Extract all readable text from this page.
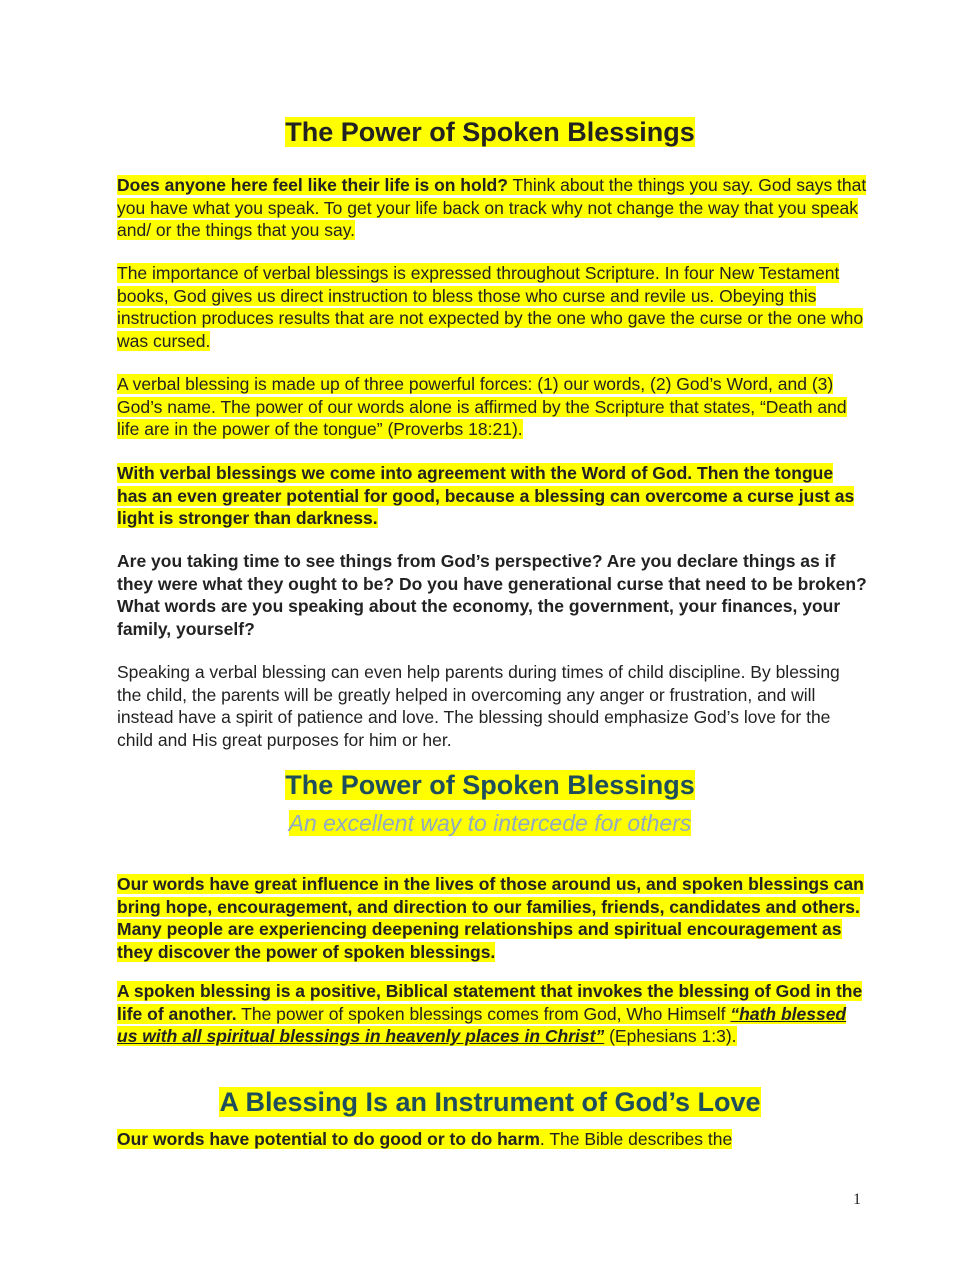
The Power of Spoken Blessings

Does anyone here feel like their life is on hold? Think about the things you say. God says that you have what you speak. To get your life back on track why not change the way that you speak and/ or the things that you say.

The importance of verbal blessings is expressed throughout Scripture. In four New Testament books, God gives us direct instruction to bless those who curse and revile us. Obeying this instruction produces results that are not expected by the one who gave the curse or the one who was cursed.

A verbal blessing is made up of three powerful forces: (1) our words, (2) God’s Word, and (3) God’s name. The power of our words alone is affirmed by the Scripture that states, “Death and life are in the power of the tongue” (Proverbs 18:21).

With verbal blessings we come into agreement with the Word of God. Then the tongue has an even greater potential for good, because a blessing can overcome a curse just as light is stronger than darkness.

Are you taking time to see things from God’s perspective? Are you declare things as if they were what they ought to be? Do you have generational curse that need to be broken? What words are you speaking about the economy, the government, your finances, your family, yourself?

Speaking a verbal blessing can even help parents during times of child discipline. By blessing the child, the parents will be greatly helped in overcoming any anger or frustration, and will instead have a spirit of patience and love. The blessing should emphasize God’s love for the child and His great purposes for him or her.

The Power of Spoken Blessings
An excellent way to intercede for others

Our words have great influence in the lives of those around us, and spoken blessings can bring hope, encouragement, and direction to our families, friends, candidates and others. Many people are experiencing deepening relationships and spiritual encouragement as they discover the power of spoken blessings.

A spoken blessing is a positive, Biblical statement that invokes the blessing of God in the life of another. The power of spoken blessings comes from God, Who Himself “hath blessed us with all spiritual blessings in heavenly places in Christ” (Ephesians 1:3).

A Blessing Is an Instrument of God’s Love

Our words have potential to do good or to do harm. The Bible describes the

1
